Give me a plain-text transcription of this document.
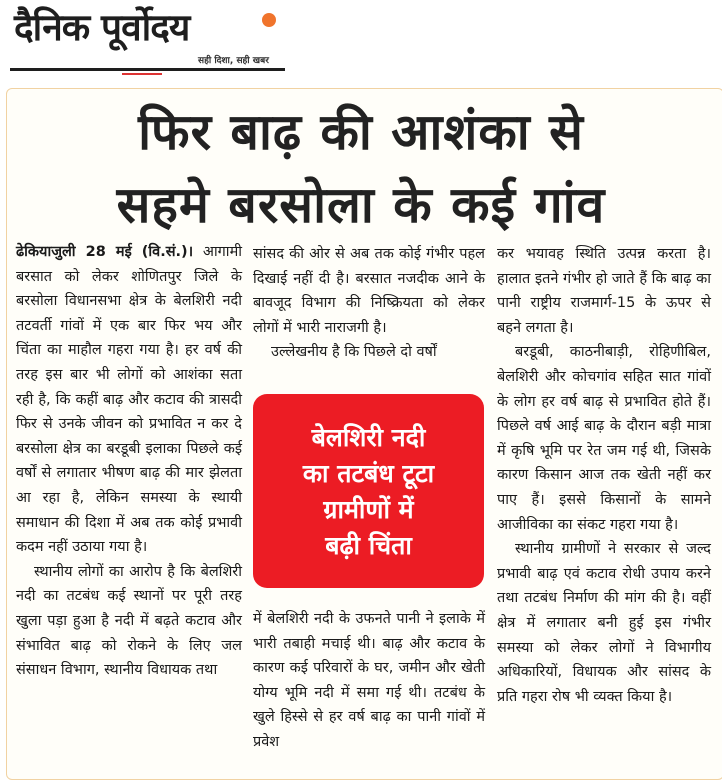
दैनिक पूर्वोदय
सही दिशा, सही खबर
फिर बाढ़ की आशंका से
सहमे बरसोला के कई गांव

ढेकियाजुली 28 मई (वि.सं.)। आगामी बरसात को लेकर शोणितपुर जिले के बरसोला विधानसभा क्षेत्र के बेलशिरी नदी तटवर्ती गांवों में एक बार फिर भय और चिंता का माहौल गहरा गया है। हर वर्ष की तरह इस बार भी लोगों को आशंका सता रही है, कि कहीं बाढ़ और कटाव की त्रासदी फिर से उनके जीवन को प्रभावित न कर दे बरसोला क्षेत्र का बरडूबी इलाका पिछले कई वर्षों से लगातार भीषण बाढ़ की मार झेलता आ रहा है, लेकिन समस्या के स्थायी समाधान की दिशा में अब तक कोई प्रभावी कदम नहीं उठाया गया है।

स्थानीय लोगों का आरोप है कि बेलशिरी नदी का तटबंध कई स्थानों पर पूरी तरह खुला पड़ा हुआ है नदी में बढ़ते कटाव और संभावित बाढ़ को रोकने के लिए जल संसाधन विभाग, स्थानीय विधायक तथा

सांसद की ओर से अब तक कोई गंभीर पहल दिखाई नहीं दी है। बरसात नजदीक आने के बावजूद विभाग की निष्क्रियता को लेकर लोगों में भारी नाराजगी है।

उल्लेखनीय है कि पिछले दो वर्षों

बेलशिरी नदी
का तटबंध टूटा
ग्रामीणों में
बढ़ी चिंता

में बेलशिरी नदी के उफनते पानी ने इलाके में भारी तबाही मचाई थी। बाढ़ और कटाव के कारण कई परिवारों के घर, जमीन और खेती योग्य भूमि नदी में समा गई थी। तटबंध के खुले हिस्से से हर वर्ष बाढ़ का पानी गांवों में प्रवेश

कर भयावह स्थिति उत्पन्न करता है। हालात इतने गंभीर हो जाते हैं कि बाढ़ का पानी राष्ट्रीय राजमार्ग-15 के ऊपर से बहने लगता है।

बरडूबी, काठनीबाड़ी, रोहिणीबिल, बेलशिरी और कोचगांव सहित सात गांवों के लोग हर वर्ष बाढ़ से प्रभावित होते हैं। पिछले वर्ष आई बाढ़ के दौरान बड़ी मात्रा में कृषि भूमि पर रेत जम गई थी, जिसके कारण किसान आज तक खेती नहीं कर पाए हैं। इससे किसानों के सामने आजीविका का संकट गहरा गया है।

स्थानीय ग्रामीणों ने सरकार से जल्द प्रभावी बाढ़ एवं कटाव रोधी उपाय करने तथा तटबंध निर्माण की मांग की है। वहीं क्षेत्र में लगातार बनी हुई इस गंभीर समस्या को लेकर लोगों ने विभागीय अधिकारियों, विधायक और सांसद के प्रति गहरा रोष भी व्यक्त किया है।
